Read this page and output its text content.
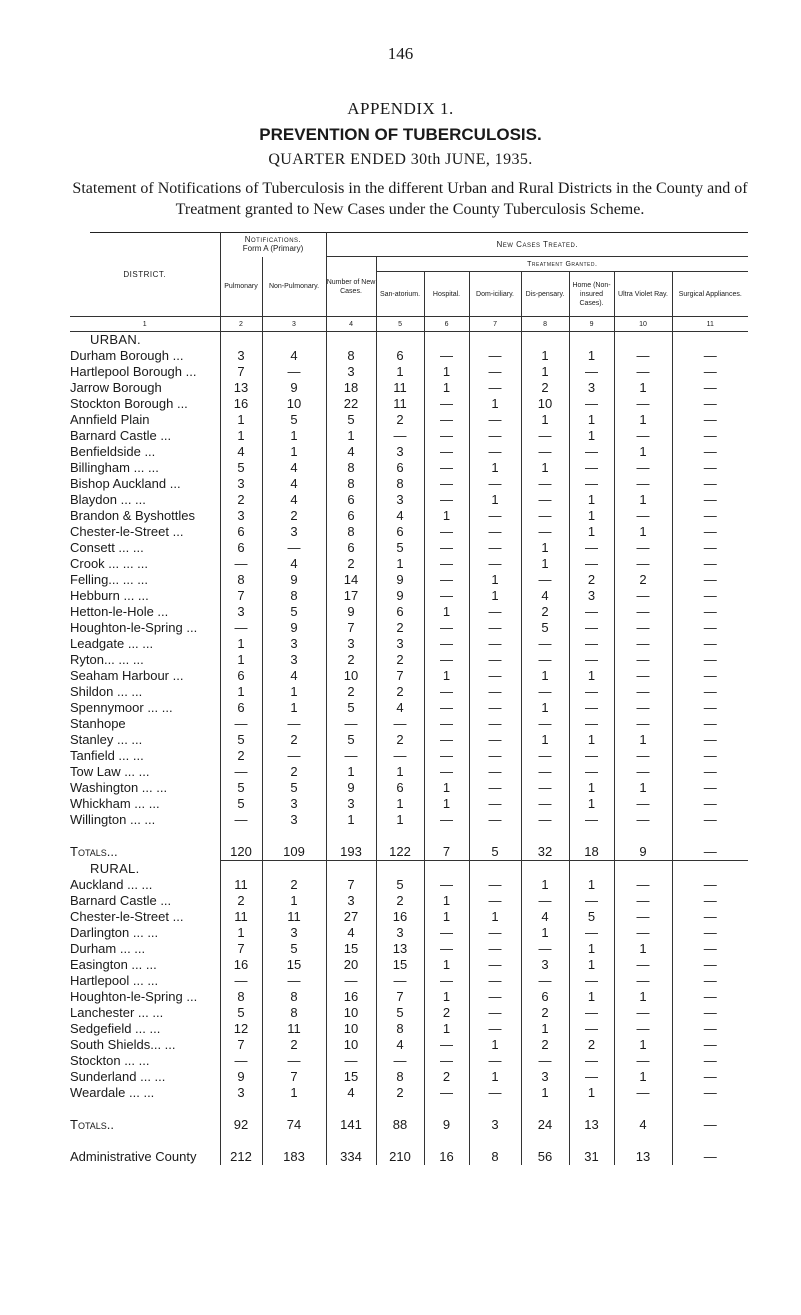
146
APPENDIX 1.
PREVENTION OF TUBERCULOSIS.
QUARTER ENDED 30th JUNE, 1935.
Statement of Notifications of Tuberculosis in the different Urban and Rural Districts in the County and of Treatment granted to New Cases under the County Tuberculosis Scheme.
DISTRICT.	Notifications.
Form A (Primary)		New Cases Treated.							
	Pulmonary	Non-Pulmonary.	Number of New Cases.	Treatment Granted.						
				San-atorium.	Hospital.	Dom-iciliary.	Dis-pensary.	Home (Non-insured Cases).	Ultra Violet Ray.	Surgical Appliances.
1	2	3	4	5	6	7	8	9	10	11
URBAN.										
Durham Borough ...	3	4	8	6	—	—	1	1	—	—
Hartlepool Borough ...	7	—	3	1	1	—	1	—	—	—
Jarrow Borough	13	9	18	11	1	—	2	3	1	—
Stockton Borough ...	16	10	22	11	—	1	10	—	—	—
Annfield Plain	1	5	5	2	—	—	1	1	1	—
Barnard Castle ...	1	1	1	—	—	—	—	1	—	—
Benfieldside ...	4	1	4	3	—	—	—	—	1	—
Billingham ... ...	5	4	8	6	—	1	1	—	—	—
Bishop Auckland ...	3	4	8	8	—	—	—	—	—	—
Blaydon ... ...	2	4	6	3	—	1	—	1	1	—
Brandon & Byshottles	3	2	6	4	1	—	—	1	—	—
Chester-le-Street ...	6	3	8	6	—	—	—	1	1	—
Consett ... ...	6	—	6	5	—	—	1	—	—	—
Crook ... ... ...	—	4	2	1	—	—	1	—	—	—
Felling... ... ...	8	9	14	9	—	1	—	2	2	—
Hebburn ... ...	7	8	17	9	—	1	4	3	—	—
Hetton-le-Hole ...	3	5	9	6	1	—	2	—	—	—
Houghton-le-Spring ...	—	9	7	2	—	—	5	—	—	—
Leadgate ... ...	1	3	3	3	—	—	—	—	—	—
Ryton... ... ...	1	3	2	2	—	—	—	—	—	—
Seaham Harbour ...	6	4	10	7	1	—	1	1	—	—
Shildon ... ...	1	1	2	2	—	—	—	—	—	—
Spennymoor ... ...	6	1	5	4	—	—	1	—	—	—
Stanhope	—	—	—	—	—	—	—	—	—	—
Stanley ... ...	5	2	5	2	—	—	1	1	1	—
Tanfield ... ...	2	—	—	—	—	—	—	—	—	—
Tow Law ... ...	—	2	1	1	—	—	—	—	—	—
Washington ... ...	5	5	9	6	1	—	—	1	1	—
Whickham ... ...	5	3	3	1	1	—	—	1	—	—
Willington ... ...	—	3	1	1	—	—	—	—	—	—

Totals...	120	109	193	122	7	5	32	18	9	—
RURAL.										
Auckland ... ...	11	2	7	5	—	—	1	1	—	—
Barnard Castle ...	2	1	3	2	1	—	—	—	—	—
Chester-le-Street ...	11	11	27	16	1	1	4	5	—	—
Darlington ... ...	1	3	4	3	—	—	1	—	—	—
Durham ... ...	7	5	15	13	—	—	—	1	1	—
Easington ... ...	16	15	20	15	1	—	3	1	—	—
Hartlepool ... ...	—	—	—	—	—	—	—	—	—	—
Houghton-le-Spring ...	8	8	16	7	1	—	6	1	1	—
Lanchester ... ...	5	8	10	5	2	—	2	—	—	—
Sedgefield ... ...	12	11	10	8	1	—	1	—	—	—
South Shields... ...	7	2	10	4	—	1	2	2	1	—
Stockton ... ...	—	—	—	—	—	—	—	—	—	—
Sunderland ... ...	9	7	15	8	2	1	3	—	1	—
Weardale ... ...	3	1	4	2	—	—	1	1	—	—

Totals..	92	74	141	88	9	3	24	13	4	—

Administrative County	212	183	334	210	16	8	56	31	13	—
